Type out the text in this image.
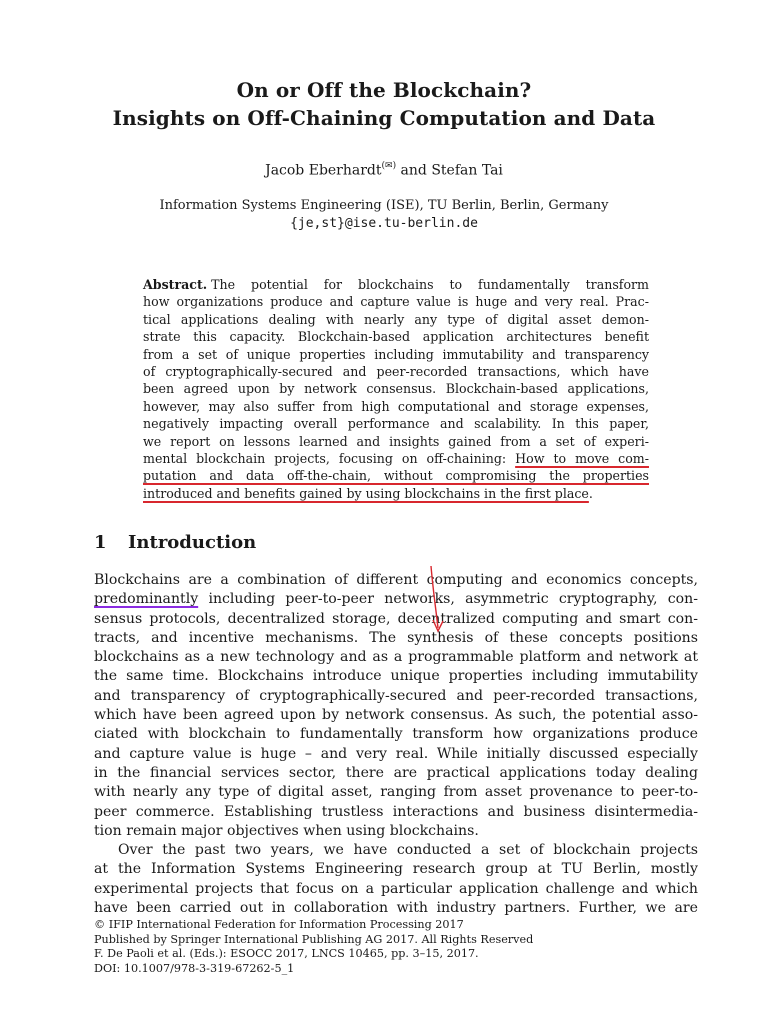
On or Off the Blockchain?
Insights on Off-Chaining Computation and Data
Jacob Eberhardt(✉) and Stefan Tai
Information Systems Engineering (ISE), TU Berlin, Berlin, Germany
{je,st}@ise.tu-berlin.de
Abstract. The potential for blockchains to fundamentally transform
how organizations produce and capture value is huge and very real. Prac-
tical applications dealing with nearly any type of digital asset demon-
strate this capacity. Blockchain-based application architectures benefit
from a set of unique properties including immutability and transparency
of cryptographically-secured and peer-recorded transactions, which have
been agreed upon by network consensus. Blockchain-based applications,
however, may also suffer from high computational and storage expenses,
negatively impacting overall performance and scalability. In this paper,
we report on lessons learned and insights gained from a set of experi-
mental blockchain projects, focusing on off-chaining: How to move com-
putation and data off-the-chain, without compromising the properties
introduced and benefits gained by using blockchains in the first place.
1 Introduction
Blockchains are a combination of different computing and economics concepts,
predominantly including peer-to-peer networks, asymmetric cryptography, con-
sensus protocols, decentralized storage, decentralized computing and smart con-
tracts, and incentive mechanisms. The synthesis of these concepts positions
blockchains as a new technology and as a programmable platform and network at
the same time. Blockchains introduce unique properties including immutability
and transparency of cryptographically-secured and peer-recorded transactions,
which have been agreed upon by network consensus. As such, the potential asso-
ciated with blockchain to fundamentally transform how organizations produce
and capture value is huge – and very real. While initially discussed especially
in the financial services sector, there are practical applications today dealing
with nearly any type of digital asset, ranging from asset provenance to peer-to-
peer commerce. Establishing trustless interactions and business disintermedia-
tion remain major objectives when using blockchains.
Over the past two years, we have conducted a set of blockchain projects
at the Information Systems Engineering research group at TU Berlin, mostly
experimental projects that focus on a particular application challenge and which
have been carried out in collaboration with industry partners. Further, we are
© IFIP International Federation for Information Processing 2017
Published by Springer International Publishing AG 2017. All Rights Reserved
F. De Paoli et al. (Eds.): ESOCC 2017, LNCS 10465, pp. 3–15, 2017.
DOI: 10.1007/978-3-319-67262-5_1
